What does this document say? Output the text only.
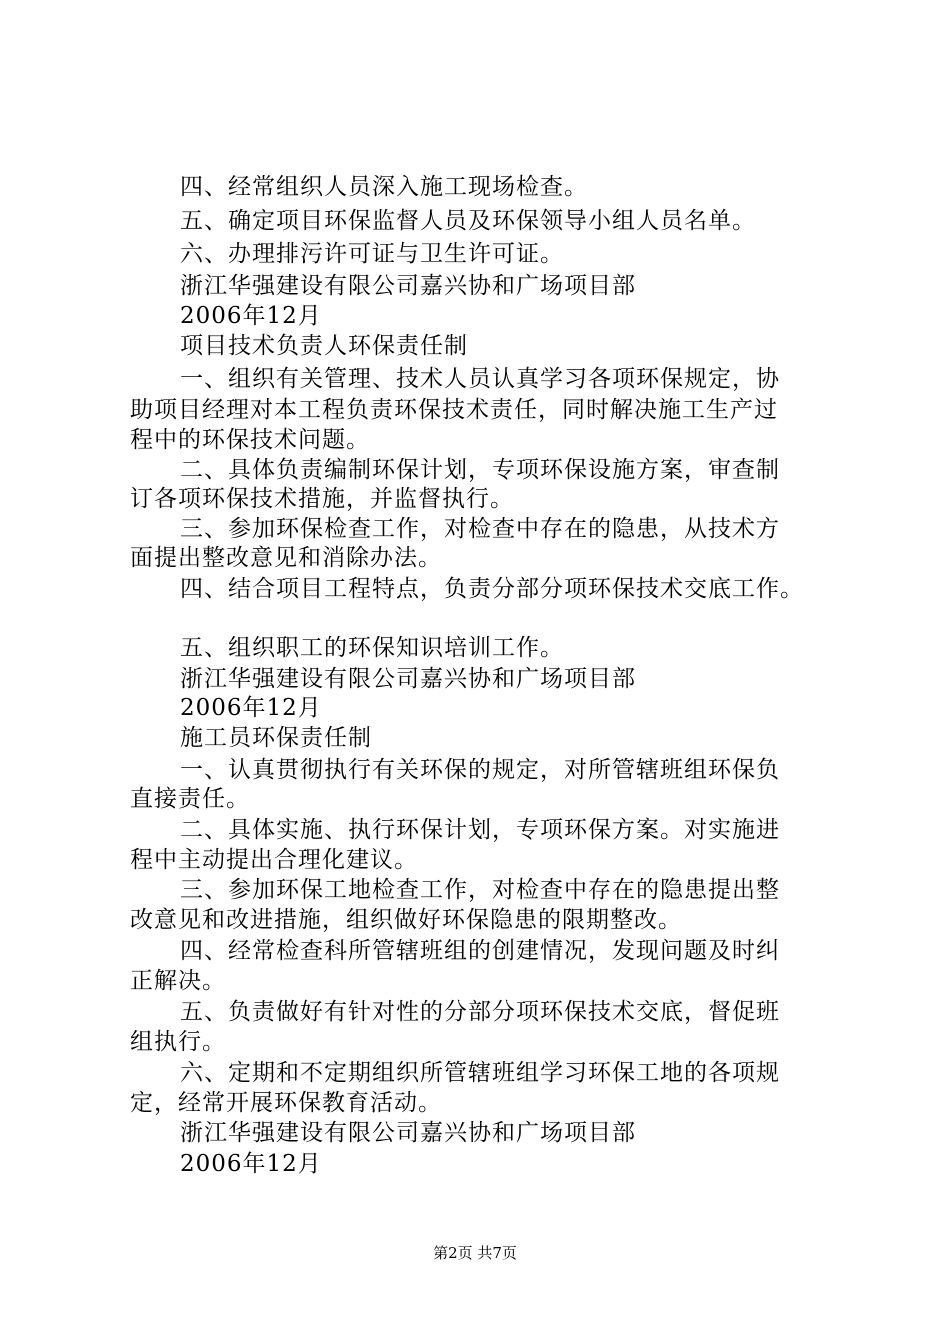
四、经常组织人员深入施工现场检查。
五、确定项目环保监督人员及环保领导小组人员名单。
六、办理排污许可证与卫生许可证。
浙江华强建设有限公司嘉兴协和广场项目部
2006年12月
项目技术负责人环保责任制
一、组织有关管理、技术人员认真学习各项环保规定，协
助项目经理对本工程负责环保技术责任，同时解决施工生产过
程中的环保技术问题。
二、具体负责编制环保计划，专项环保设施方案，审查制
订各项环保技术措施，并监督执行。
三、参加环保检查工作，对检查中存在的隐患，从技术方
面提出整改意见和消除办法。
四、结合项目工程特点，负责分部分项环保技术交底工作。
五、组织职工的环保知识培训工作。
浙江华强建设有限公司嘉兴协和广场项目部
2006年12月
施工员环保责任制
一、认真贯彻执行有关环保的规定，对所管辖班组环保负
直接责任。
二、具体实施、执行环保计划，专项环保方案。对实施进
程中主动提出合理化建议。
三、参加环保工地检查工作，对检查中存在的隐患提出整
改意见和改进措施，组织做好环保隐患的限期整改。
四、经常检查科所管辖班组的创建情况，发现问题及时纠
正解决。
五、负责做好有针对性的分部分项环保技术交底，督促班
组执行。
六、定期和不定期组织所管辖班组学习环保工地的各项规
定，经常开展环保教育活动。
浙江华强建设有限公司嘉兴协和广场项目部
2006年12月
第2页 共7页
